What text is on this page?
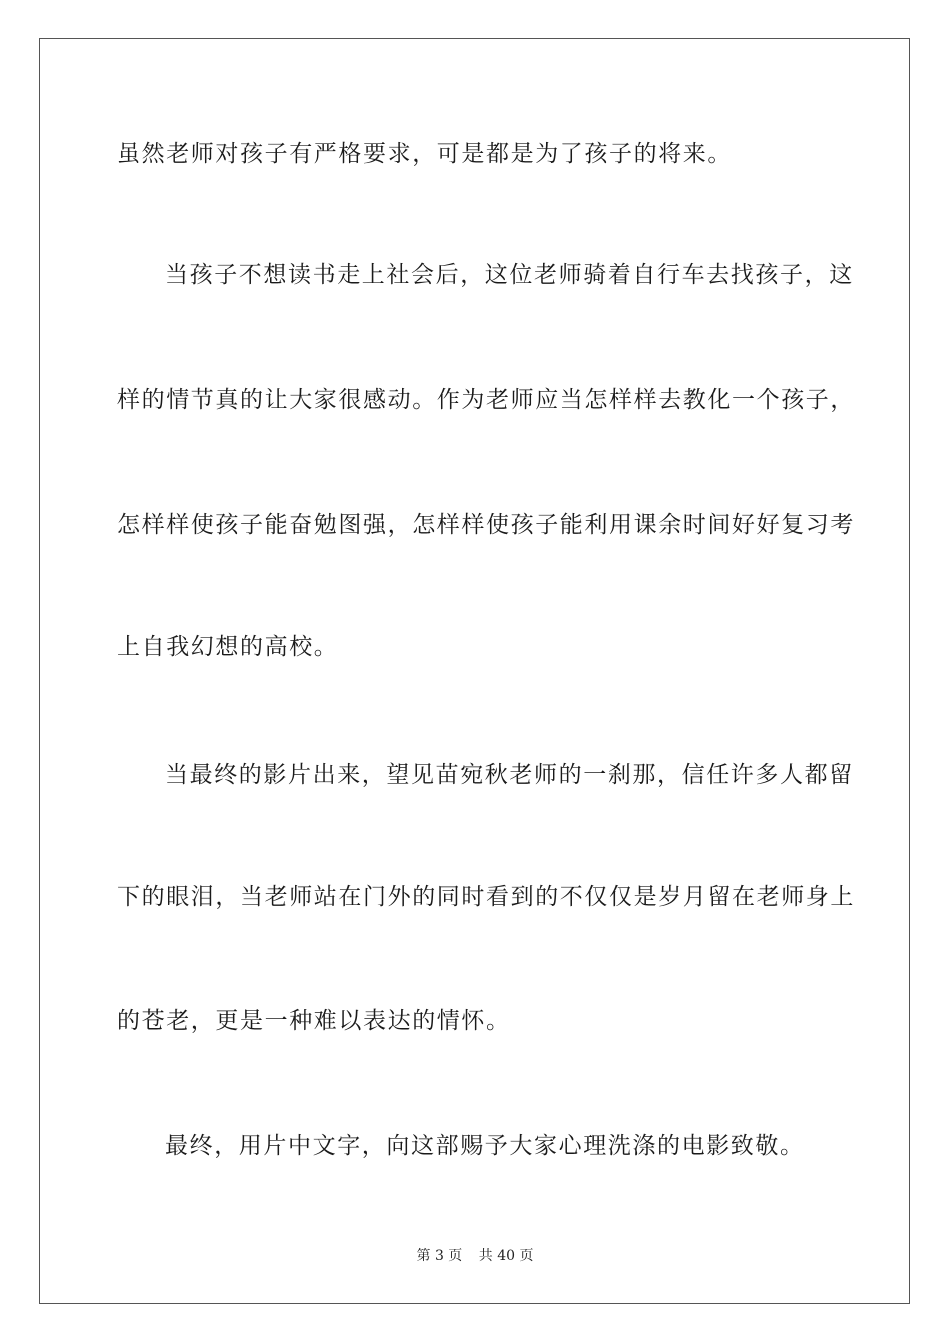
虽然老师对孩子有严格要求，可是都是为了孩子的将来。
当孩子不想读书走上社会后，这位老师骑着自行车去找孩子，这
样的情节真的让大家很感动。作为老师应当怎样样去教化一个孩子，
怎样样使孩子能奋勉图强，怎样样使孩子能利用课余时间好好复习考
上自我幻想的高校。
当最终的影片出来，望见苗宛秋老师的一刹那，信任许多人都留
下的眼泪，当老师站在门外的同时看到的不仅仅是岁月留在老师身上
的苍老，更是一种难以表达的情怀。
最终，用片中文字，向这部赐予大家心理洗涤的电影致敬。
第 3 页 共 40 页
